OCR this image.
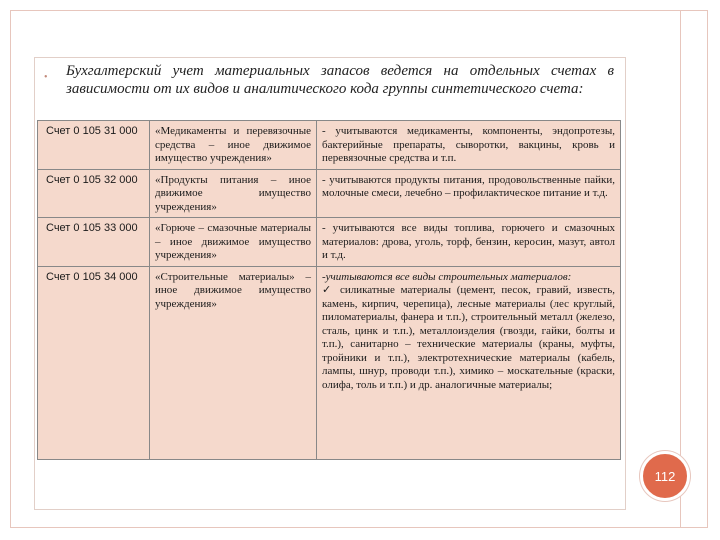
• Бухгалтерский учет материальных запасов ведется на отдельных счетах в зависимости от их видов и аналитического кода группы синтетического счета:
Счет 0 105 31 000	«Медикаменты и перевязочные средства – иное движимое имущество учреждения»	- учитываются медикаменты, компоненты, эндопротезы, бактерийные препараты, сыворотки, вакцины, кровь и перевязочные средства и т.п.
Счет 0 105 32 000	«Продукты питания – иное движимое имущество учреждения»	- учитываются продукты питания, продовольственные пайки, молочные смеси, лечебно – профилактическое питание и т.д.
Счет 0 105 33 000	«Горюче – смазочные материалы – иное движимое имущество учреждения»	- учитываются все виды топлива, горючего и смазочных материалов: дрова, уголь, торф, бензин, керосин, мазут, автол и т.д.
Счет 0 105 34 000	«Строительные материалы» – иное движимое имущество учреждения»	-учитываются все виды строительных материалов:
✓ силикатные материалы (цемент, песок, гравий, известь, камень, кирпич, черепица), лесные материалы (лес круглый, пиломатериалы, фанера и т.п.), строительный металл (железо, сталь, цинк и т.п.), металлоизделия (гвозди, гайки, болты и т.п.), санитарно – технические материалы (краны, муфты, тройники и т.п.), электротехнические материалы (кабель, лампы, шнур, проводи т.п.), химико – москательные (краски, олифа, толь и т.п.) и др. аналогичные материалы;
112
